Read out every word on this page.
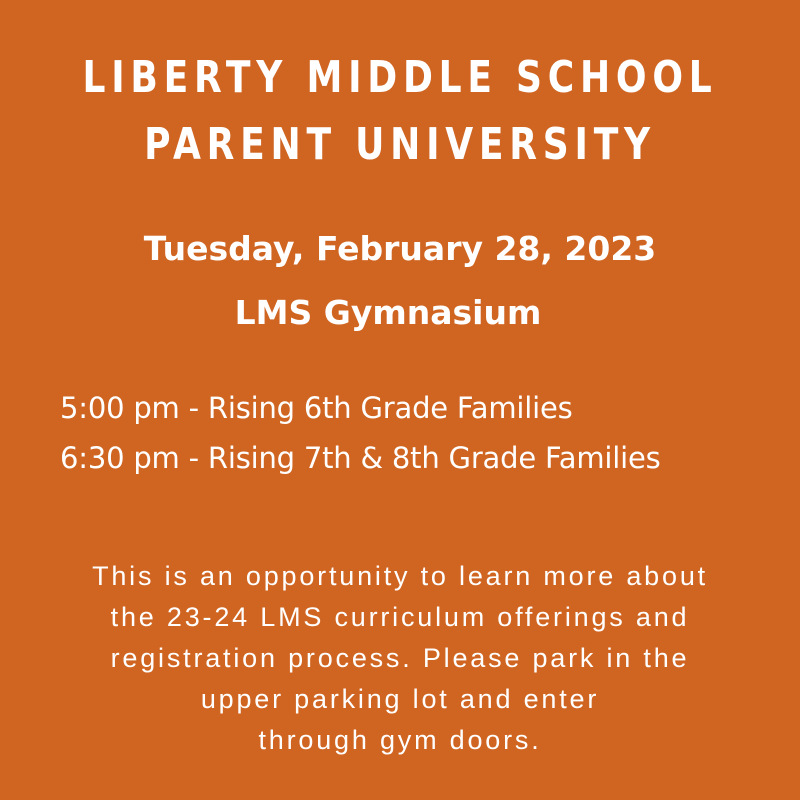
LIBERTY MIDDLE SCHOOL
PARENT UNIVERSITY
Tuesday, February 28, 2023
LMS Gymnasium
5:00 pm - Rising 6th Grade Families
6:30 pm - Rising 7th & 8th Grade Families
This is an opportunity to learn more about
the 23-24 LMS curriculum offerings and
registration process. Please park in the
upper parking lot and enter
through gym doors.
